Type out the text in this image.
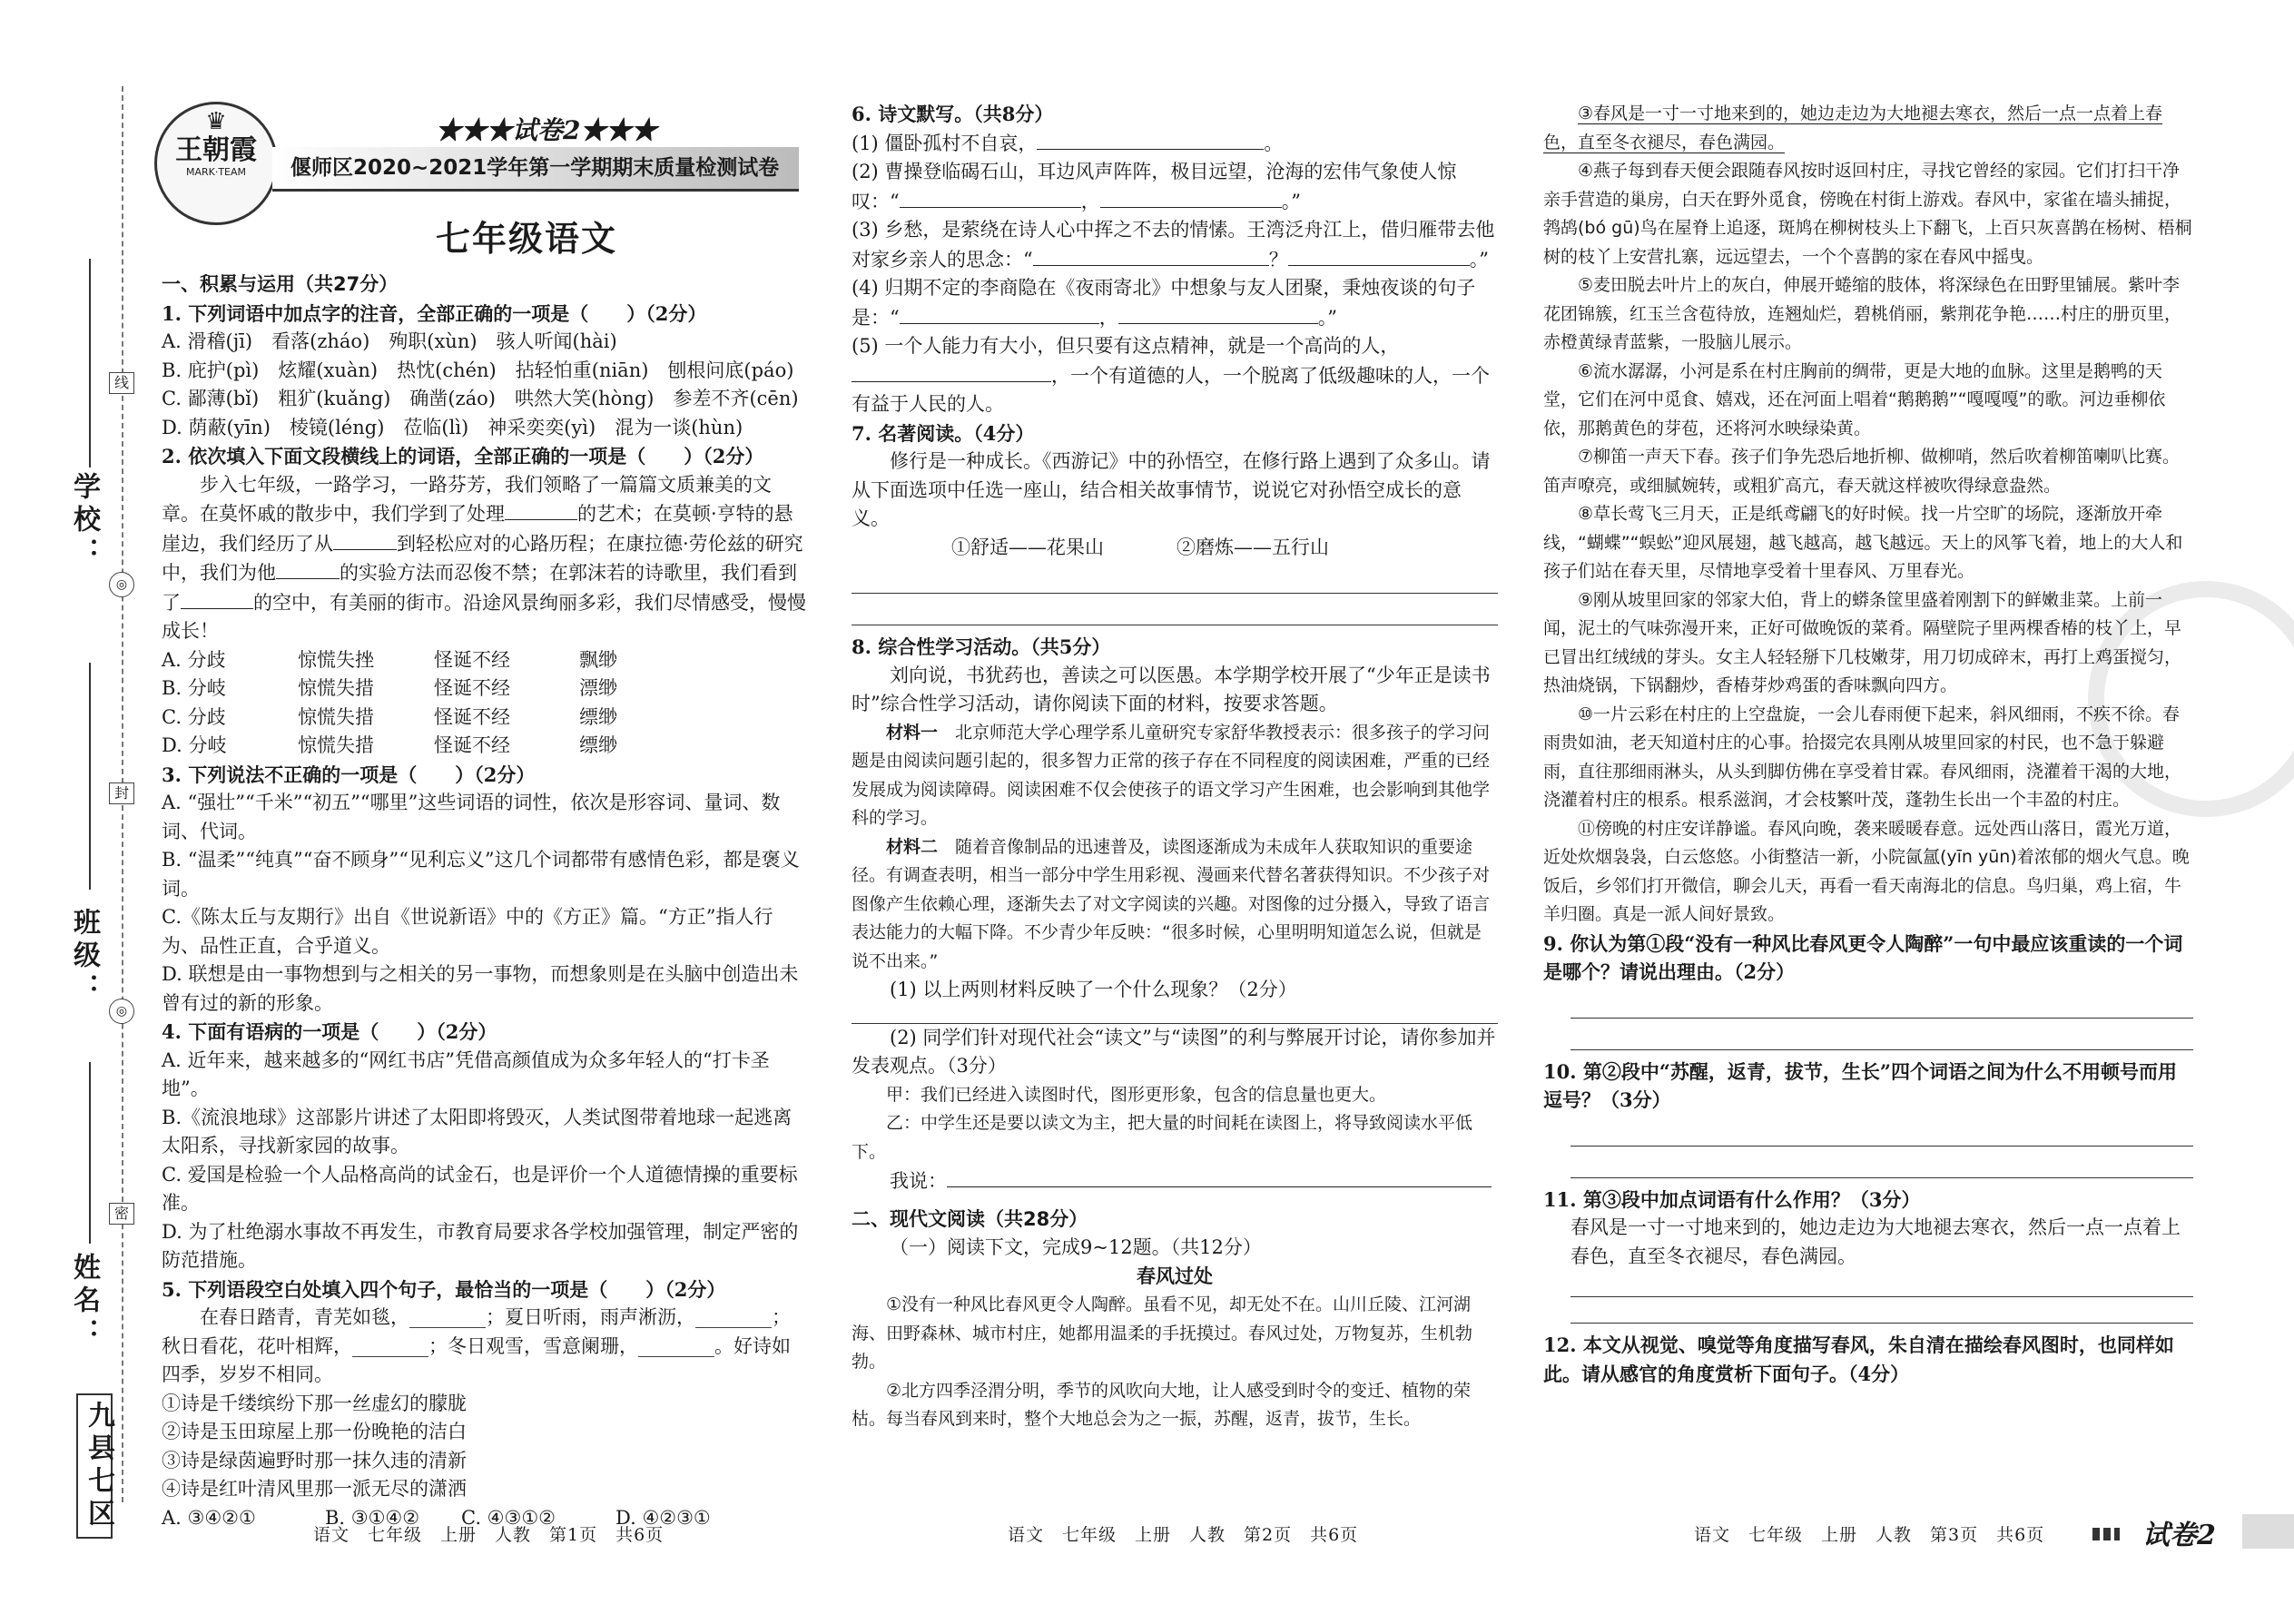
学校：
班级：
姓名：
线
◎
封
◎
密
九县七区
♛
王朝霞
MARK·TEAM
★★★试卷2★★★
偃师区2020~2021学年第一学期期末质量检测试卷
七年级语文

一、积累与运用（共27分）

1. 下列词语中加点字的注音，全部正确的一项是（　　）（2分）

A. 滑稽(jī)　看落(zháo)　殉职(xùn)　骇人听闻(hài)

B. 庇护(pì)　炫耀(xuàn)　热忱(chén)　拈轻怕重(niān)　刨根问底(páo)

C. 鄙薄(bǐ)　粗犷(kuǎng)　确凿(záo)　哄然大笑(hòng)　参差不齐(cēn)

D. 荫蔽(yīn)　棱镜(léng)　莅临(lì)　神采奕奕(yì)　混为一谈(hùn)

2. 依次填入下面文段横线上的词语，全部正确的一项是（　　）（2分）

步入七年级，一路学习，一路芬芳，我们领略了一篇篇文质兼美的文章。在莫怀戚的散步中，我们学到了处理	的艺术；在莫顿·亨特的悬崖边，我们经历了从	到轻松应对的心路历程；在康拉德·劳伦兹的研究中，我们为他	的实验方法而忍俊不禁；在郭沫若的诗歌里，我们看到了	的空中，有美丽的街市。沿途风景绚丽多彩，我们尽情感受，慢慢成长！

A. 分歧	惊慌失挫	怪诞不经	飘缈
B. 分岐	惊慌失措	怪诞不经	漂缈
C. 分歧	惊慌失措	怪诞不经	缥缈
D. 分岐	惊慌失措	怪诞不经	缥缈

3. 下列说法不正确的一项是（　　）（2分）

A. “强壮”“千米”“初五”“哪里”这些词语的词性，依次是形容词、量词、数词、代词。

B. “温柔”“纯真”“奋不顾身”“见利忘义”这几个词都带有感情色彩，都是褒义词。

C.《陈太丘与友期行》出自《世说新语》中的《方正》篇。“方正”指人行为、品性正直，合乎道义。

D. 联想是由一事物想到与之相关的另一事物，而想象则是在头脑中创造出未曾有过的新的形象。

4. 下面有语病的一项是（　　）（2分）

A. 近年来，越来越多的“网红书店”凭借高颜值成为众多年轻人的“打卡圣地”。

B.《流浪地球》这部影片讲述了太阳即将毁灭，人类试图带着地球一起逃离太阳系，寻找新家园的故事。

C. 爱国是检验一个人品格高尚的试金石，也是评价一个人道德情操的重要标准。

D. 为了杜绝溺水事故不再发生，市教育局要求各学校加强管理，制定严密的防范措施。

5. 下列语段空白处填入四个句子，最恰当的一项是（　　）（2分）

在春日踏青，青芜如毯，________；夏日听雨，雨声淅沥，________；秋日看花，花叶相辉，________；冬日观雪，雪意阑珊，________。好诗如四季，岁岁不相同。

①诗是千缕缤纷下那一丝虚幻的朦胧

②诗是玉田琼屋上那一份晚艳的洁白

③诗是绿茵遍野时那一抹久违的清新

④诗是红叶清风里那一派无尽的潇洒

A. ③④②①	B. ③①④②	C. ④③①②	D. ④②③①

6. 诗文默写。（共8分）

(1) 僵卧孤村不自哀，	。

(2) 曹操登临碣石山，耳边风声阵阵，极目远望，沧海的宏伟气象使人惊叹：“	，	。”

(3) 乡愁，是萦绕在诗人心中挥之不去的情愫。王湾泛舟江上，借归雁带去他对家乡亲人的思念：“	？	。”

(4) 归期不定的李商隐在《夜雨寄北》中想象与友人团聚，秉烛夜谈的句子是：“	，	。”

(5) 一个人能力有大小，但只要有这点精神，就是一个高尚的人，，一个有道德的人，一个脱离了低级趣味的人，一个有益于人民的人。

7. 名著阅读。（4分）

修行是一种成长。《西游记》中的孙悟空，在修行路上遇到了众多山。请从下面选项中任选一座山，结合相关故事情节，说说它对孙悟空成长的意义。

①舒适——花果山	②磨炼——五行山

8. 综合性学习活动。（共5分）

刘向说，书犹药也，善读之可以医愚。本学期学校开展了“少年正是读书时”综合性学习活动，请你阅读下面的材料，按要求答题。

材料一　 北京师范大学心理学系儿童研究专家舒华教授表示：很多孩子的学习问题是由阅读问题引起的，很多智力正常的孩子存在不同程度的阅读困难，严重的已经发展成为阅读障碍。阅读困难不仅会使孩子的语文学习产生困难，也会影响到其他学科的学习。

材料二　 随着音像制品的迅速普及，读图逐渐成为未成年人获取知识的重要途径。有调查表明，相当一部分中学生用彩视、漫画来代替名著获得知识。不少孩子对图像产生依赖心理，逐渐失去了对文字阅读的兴趣。对图像的过分摄入，导致了语言表达能力的大幅下降。不少青少年反映：“很多时候，心里明明知道怎么说，但就是说不出来。”

(1) 以上两则材料反映了一个什么现象？（2分）

(2) 同学们针对现代社会“读文”与“读图”的利与弊展开讨论，请你参加并发表观点。（3分）

甲：我们已经进入读图时代，图形更形象，包含的信息量也更大。

乙：中学生还是要以读文为主，把大量的时间耗在读图上，将导致阅读水平低下。

我说：

二、现代文阅读（共28分）

（一）阅读下文，完成9~12题。（共12分）

春风过处

①没有一种风比春风更令人陶醉。虽看不见，却无处不在。山川丘陵、江河湖海、田野森林、城市村庄，她都用温柔的手抚摸过。春风过处，万物复苏，生机勃勃。

②北方四季泾渭分明，季节的风吹向大地，让人感受到时令的变迁、植物的荣枯。每当春风到来时，整个大地总会为之一振，苏醒，返青，拔节，生长。

③春风是一寸一寸地来到的，她边走边为大地褪去寒衣，然后一点一点着上春色，直至冬衣褪尽，春色满园。

④燕子每到春天便会跟随春风按时返回村庄，寻找它曾经的家园。它们打扫干净亲手营造的巢房，白天在野外觅食，傍晚在村街上游戏。春风中，家雀在墙头捕捉，鹁鸪(bó gū)鸟在屋脊上追逐，斑鸠在柳树枝头上下翻飞，上百只灰喜鹊在杨树、梧桐树的枝丫上安营扎寨，远远望去，一个个喜鹊的家在春风中摇曳。

⑤麦田脱去叶片上的灰白，伸展开蜷缩的肢体，将深绿色在田野里铺展。紫叶李花团锦簇，红玉兰含苞待放，连翘灿烂，碧桃俏丽，紫荆花争艳……村庄的册页里，赤橙黄绿青蓝紫，一股脑儿展示。

⑥流水潺潺，小河是系在村庄胸前的绸带，更是大地的血脉。这里是鹅鸭的天堂，它们在河中觅食、嬉戏，还在河面上唱着“鹅鹅鹅”“嘎嘎嘎”的歌。河边垂柳依依，那鹅黄色的芽苞，还将河水映绿染黄。

⑦柳笛一声天下春。孩子们争先恐后地折柳、做柳哨，然后吹着柳笛喇叭比赛。笛声嘹亮，或细腻婉转，或粗犷高亢，春天就这样被吹得绿意盎然。

⑧草长莺飞三月天，正是纸鸢翩飞的好时候。找一片空旷的场院，逐渐放开牵线，“蝴蝶”“蜈蚣”迎风展翅，越飞越高，越飞越远。天上的风筝飞着，地上的大人和孩子们站在春天里，尽情地享受着十里春风、万里春光。

⑨刚从坡里回家的邻家大伯，背上的蟒条筐里盛着刚割下的鲜嫩韭菜。上前一闻，泥土的气味弥漫开来，正好可做晚饭的菜肴。隔壁院子里两棵香椿的枝丫上，早已冒出红绒绒的芽头。女主人轻轻掰下几枝嫩芽，用刀切成碎末，再打上鸡蛋搅匀，热油烧锅，下锅翻炒，香椿芽炒鸡蛋的香味飘向四方。

⑩一片云彩在村庄的上空盘旋，一会儿春雨便下起来，斜风细雨，不疾不徐。春雨贵如油，老天知道村庄的心事。拾掇完农具刚从坡里回家的村民，也不急于躲避雨，直往那细雨淋头，从头到脚仿佛在享受着甘霖。春风细雨，浇灌着干渴的大地，浇灌着村庄的根系。根系滋润，才会枝繁叶茂，蓬勃生长出一个丰盈的村庄。

⑪傍晚的村庄安详静谧。春风向晚，袭来暖暖春意。远处西山落日，霞光万道，近处炊烟袅袅，白云悠悠。小街整洁一新，小院氤氲(yīn yūn)着浓郁的烟火气息。晚饭后，乡邻们打开微信，聊会儿天，再看一看天南海北的信息。鸟归巢，鸡上宿，牛羊归圈。真是一派人间好景致。

9. 你认为第①段“没有一种风比春风更令人陶醉”一句中最应该重读的一个词是哪个？请说出理由。（2分）

10. 第②段中“苏醒，返青，拔节，生长”四个词语之间为什么不用顿号而用逗号？（3分）

11. 第③段中加点词语有什么作用？（3分）

春风是一寸一寸地来到的，她边走边为大地褪去寒衣，然后一点一点着上春色，直至冬衣褪尽，春色满园。

12. 本文从视觉、嗅觉等角度描写春风，朱自清在描绘春风图时，也同样如此。请从感官的角度赏析下面句子。（4分）

语文　七年级　上册　人教　第1页　共6页	语文　七年级　上册　人教　第2页　共6页	语文　七年级　上册　人教　第3页　共6页	试卷2
